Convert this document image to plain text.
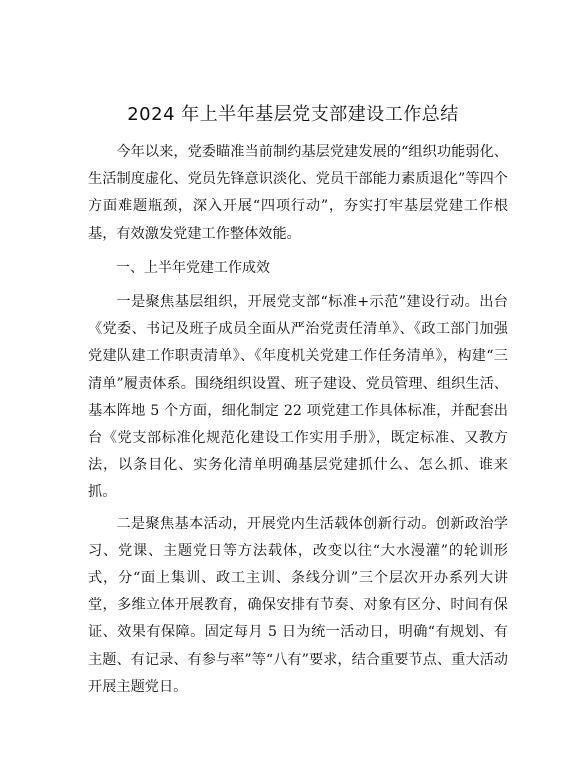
2024 年上半年基层党支部建设工作总结

今年以来，党委瞄准当前制约基层党建发展的“组织功能弱化、生活制度虚化、党员先锋意识淡化、党员干部能力素质退化”等四个方面难题瓶颈，深入开展“四项行动”，夯实打牢基层党建工作根基，有效激发党建工作整体效能。

一、上半年党建工作成效

一是聚焦基层组织，开展党支部“标准+示范”建设行动。出台《党委、书记及班子成员全面从严治党责任清单》、《政工部门加强党建队建工作职责清单》、《年度机关党建工作任务清单》，构建“三清单”履责体系。围绕组织设置、班子建设、党员管理、组织生活、基本阵地 5 个方面，细化制定 22 项党建工作具体标准，并配套出台《党支部标准化规范化建设工作实用手册》，既定标准、又教方法，以条目化、实务化清单明确基层党建抓什么、怎么抓、谁来抓。

二是聚焦基本活动，开展党内生活载体创新行动。创新政治学习、党课、主题党日等方法载体，改变以往“大水漫灌”的轮训形式，分“面上集训、政工主训、条线分训”三个层次开办系列大讲堂，多维立体开展教育，确保安排有节奏、对象有区分、时间有保证、效果有保障。固定每月 5 日为统一活动日，明确“有规划、有主题、有记录、有参与率”等“八有”要求，结合重要节点、重大活动开展主题党日。
